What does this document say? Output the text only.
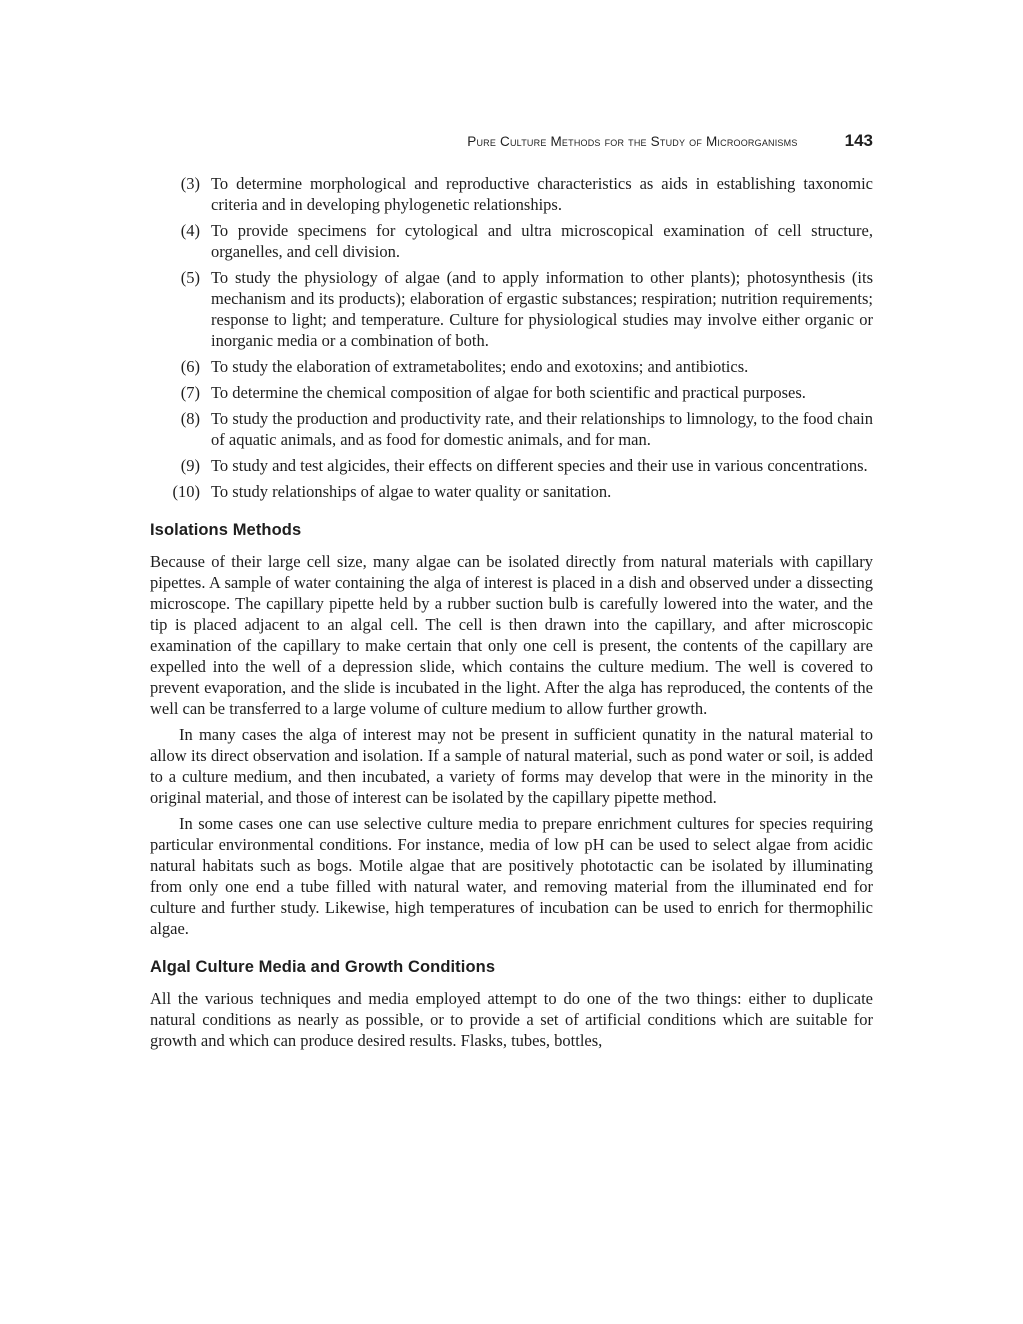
Pure Culture Methods for the Study of Microorganisms	143
(3) To determine morphological and reproductive characteristics as aids in establishing taxonomic criteria and in developing phylogenetic relationships.
(4) To provide specimens for cytological and ultra microscopical examination of cell structure, organelles, and cell division.
(5) To study the physiology of algae (and to apply information to other plants); photosynthesis (its mechanism and its products); elaboration of ergastic substances; respiration; nutrition requirements; response to light; and temperature. Culture for physiological studies may involve either organic or inorganic media or a combination of both.
(6) To study the elaboration of extrametabolites; endo and exotoxins; and antibiotics.
(7) To determine the chemical composition of algae for both scientific and practical purposes.
(8) To study the production and productivity rate, and their relationships to limnology, to the food chain of aquatic animals, and as food for domestic animals, and for man.
(9) To study and test algicides, their effects on different species and their use in various concentrations.
(10) To study relationships of algae to water quality or sanitation.
Isolations Methods

Because of their large cell size, many algae can be isolated directly from natural materials with capillary pipettes. A sample of water containing the alga of interest is placed in a dish and observed under a dissecting microscope. The capillary pipette held by a rubber suction bulb is carefully lowered into the water, and the tip is placed adjacent to an algal cell. The cell is then drawn into the capillary, and after microscopic examination of the capillary to make certain that only one cell is present, the contents of the capillary are expelled into the well of a depression slide, which contains the culture medium. The well is covered to prevent evaporation, and the slide is incubated in the light. After the alga has reproduced, the contents of the well can be transferred to a large volume of culture medium to allow further growth.

In many cases the alga of interest may not be present in sufficient qunatity in the natural material to allow its direct observation and isolation. If a sample of natural material, such as pond water or soil, is added to a culture medium, and then incubated, a variety of forms may develop that were in the minority in the original material, and those of interest can be isolated by the capillary pipette method.

In some cases one can use selective culture media to prepare enrichment cultures for species requiring particular environmental conditions. For instance, media of low pH can be used to select algae from acidic natural habitats such as bogs. Motile algae that are positively phototactic can be isolated by illuminating from only one end a tube filled with natural water, and removing material from the illuminated end for culture and further study. Likewise, high temperatures of incubation can be used to enrich for thermophilic algae.

Algal Culture Media and Growth Conditions

All the various techniques and media employed attempt to do one of the two things: either to duplicate natural conditions as nearly as possible, or to provide a set of artificial conditions which are suitable for growth and which can produce desired results. Flasks, tubes, bottles,
